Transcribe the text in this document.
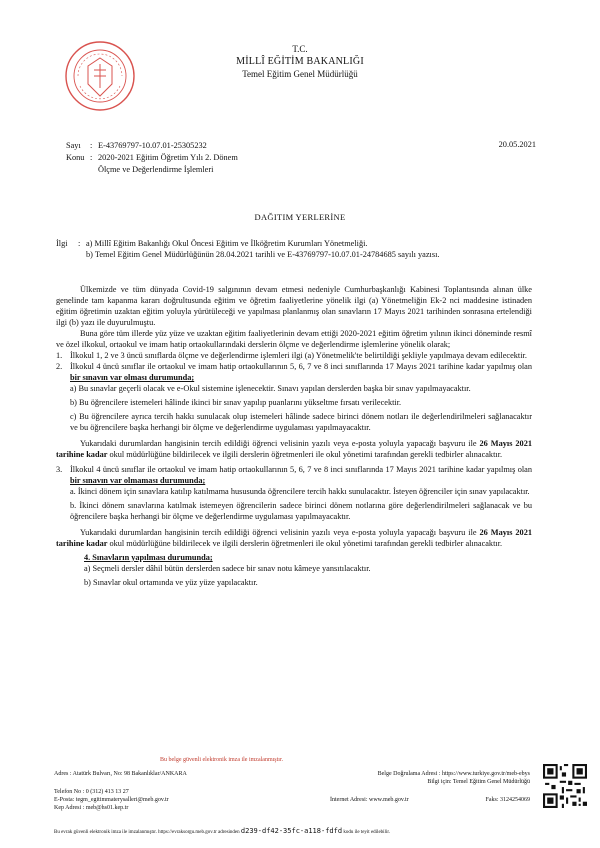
T.C.
MİLLÎ EĞİTİM BAKANLIĞI
Temel Eğitim Genel Müdürlüğü
Sayı	: E-43769797-10.07.01-25305232
Konu : 2020-2021 Eğitim Öğretim Yılı 2. Dönem
Ölçme ve Değerlendirme İşlemleri
20.05.2021
DAĞITIM YERLERİNE
İlgi	: a) Millî Eğitim Bakanlığı Okul Öncesi Eğitim ve İlköğretim Kurumları Yönetmeliği.
b) Temel Eğitim Genel Müdürlüğünün 28.04.2021 tarihli ve E-43769797-10.07.01-24784685 sayılı yazısı.
Ülkemizde ve tüm dünyada Covid-19 salgınının devam etmesi nedeniyle Cumhurbaşkanlığı Kabinesi Toplantısında alınan ülke genelinde tam kapanma kararı doğrultusunda eğitim ve öğretim faaliyetlerine yönelik ilgi (a) Yönetmeliğin Ek-2 nci maddesine istinaden eğitim öğretimin uzaktan eğitim yoluyla yürütüleceği ve yapılması planlanmış olan sınavların 17 Mayıs 2021 tarihinden sonrasına ertelendiği ilgi (b) yazı ile duyurulmuştu.
Buna göre tüm illerde yüz yüze ve uzaktan eğitim faaliyetlerinin devam ettiği 2020-2021 eğitim öğretim yılının ikinci döneminde resmî ve özel ilkokul, ortaokul ve imam hatip ortaokullarındaki derslerin ölçme ve değerlendirme işlemlerine yönelik olarak;
1. İlkokul 1, 2 ve 3 üncü sınıflarda ölçme ve değerlendirme işlemleri ilgi (a) Yönetmelik'te belirtildiği şekliyle yapılmaya devam edilecektir.
2. İlkokul 4 üncü sınıflar ile ortaokul ve imam hatip ortaokullarının 5, 6, 7 ve 8 inci sınıflarında 17 Mayıs 2021 tarihine kadar yapılmış olan bir sınavın var olması durumunda;
a) Bu sınavlar geçerli olacak ve e-Okul sistemine işlenecektir. Sınavı yapılan derslerden başka bir sınav yapılmayacaktır.
b) Bu öğrencilere istemeleri hâlinde ikinci bir sınav yapılıp puanlarını yükseltme fırsatı verilecektir.
c) Bu öğrencilere ayrıca tercih hakkı sunulacak olup istemeleri hâlinde sadece birinci dönem notları ile değerlendirilmeleri sağlanacaktır ve bu öğrencilere başka herhangi bir ölçme ve değerlendirme uygulaması yapılmayacaktır.
Yukarıdaki durumlardan hangisinin tercih edildiği öğrenci velisinin yazılı veya e-posta yoluyla yapacağı başvuru ile 26 Mayıs 2021 tarihine kadar okul müdürlüğüne bildirilecek ve ilgili derslerin öğretmenleri ile okul yönetimi tarafından gerekli tedbirler alınacaktır.
3. İlkokul 4 üncü sınıflar ile ortaokul ve imam hatip ortaokullarının 5, 6, 7 ve 8 inci sınıflarında 17 Mayıs 2021 tarihine kadar yapılmış olan bir sınavın var olmaması durumunda;
a. İkinci dönem için sınavlara katılıp katılmama hususunda öğrencilere tercih hakkı sunulacaktır. İsteyen öğrenciler için sınav yapılacaktır.
b. İkinci dönem sınavlarına katılmak istemeyen öğrencilerin sadece birinci dönem notlarına göre değerlendirilmeleri sağlanacak ve bu öğrencilere başka herhangi bir ölçme ve değerlendirme uygulaması yapılmayacaktır.
Yukarıdaki durumlardan hangisinin tercih edildiği öğrenci velisinin yazılı veya e-posta yoluyla yapacağı başvuru ile 26 Mayıs 2021 tarihine kadar okul müdürlüğüne bildirilecek ve ilgili derslerin öğretmenleri ile okul yönetimi tarafından gerekli tedbirler alınacaktır.
4. Sınavların yapılması durumunda;
a) Seçmeli dersler dâhil bütün derslerden sadece bir sınav notu kâmeye yansıtılacaktır.
b) Sınavlar okul ortamında ve yüz yüze yapılacaktır.
Bu belge güvenli elektronik imza ile imzalanmıştır.
Adres : Atatürk Bulvarı, No: 98 Bakanlıklar/ANKARA
Telefon No : 0 (312) 413 13 27
E-Posta: tegm_egitimmaterysalleri@meb.gov.tr
Kep Adresi : meb@hs01.kep.tr
Belge Doğrulama Adresi : https://www.turkiye.gov.tr/meb-ebys
Bilgi için: Temel Eğitim Genel Müdürlüğü
İnternet Adresi: www.meb.gov.tr	Faks: 3124254069
Bu evrak güvenli elektronik imza ile imzalanmıştır. https://evraksorgu.meb.gov.tr adresinden d239-df42-35fc-a118-fdfd kodu ile teyit edilebilir.
